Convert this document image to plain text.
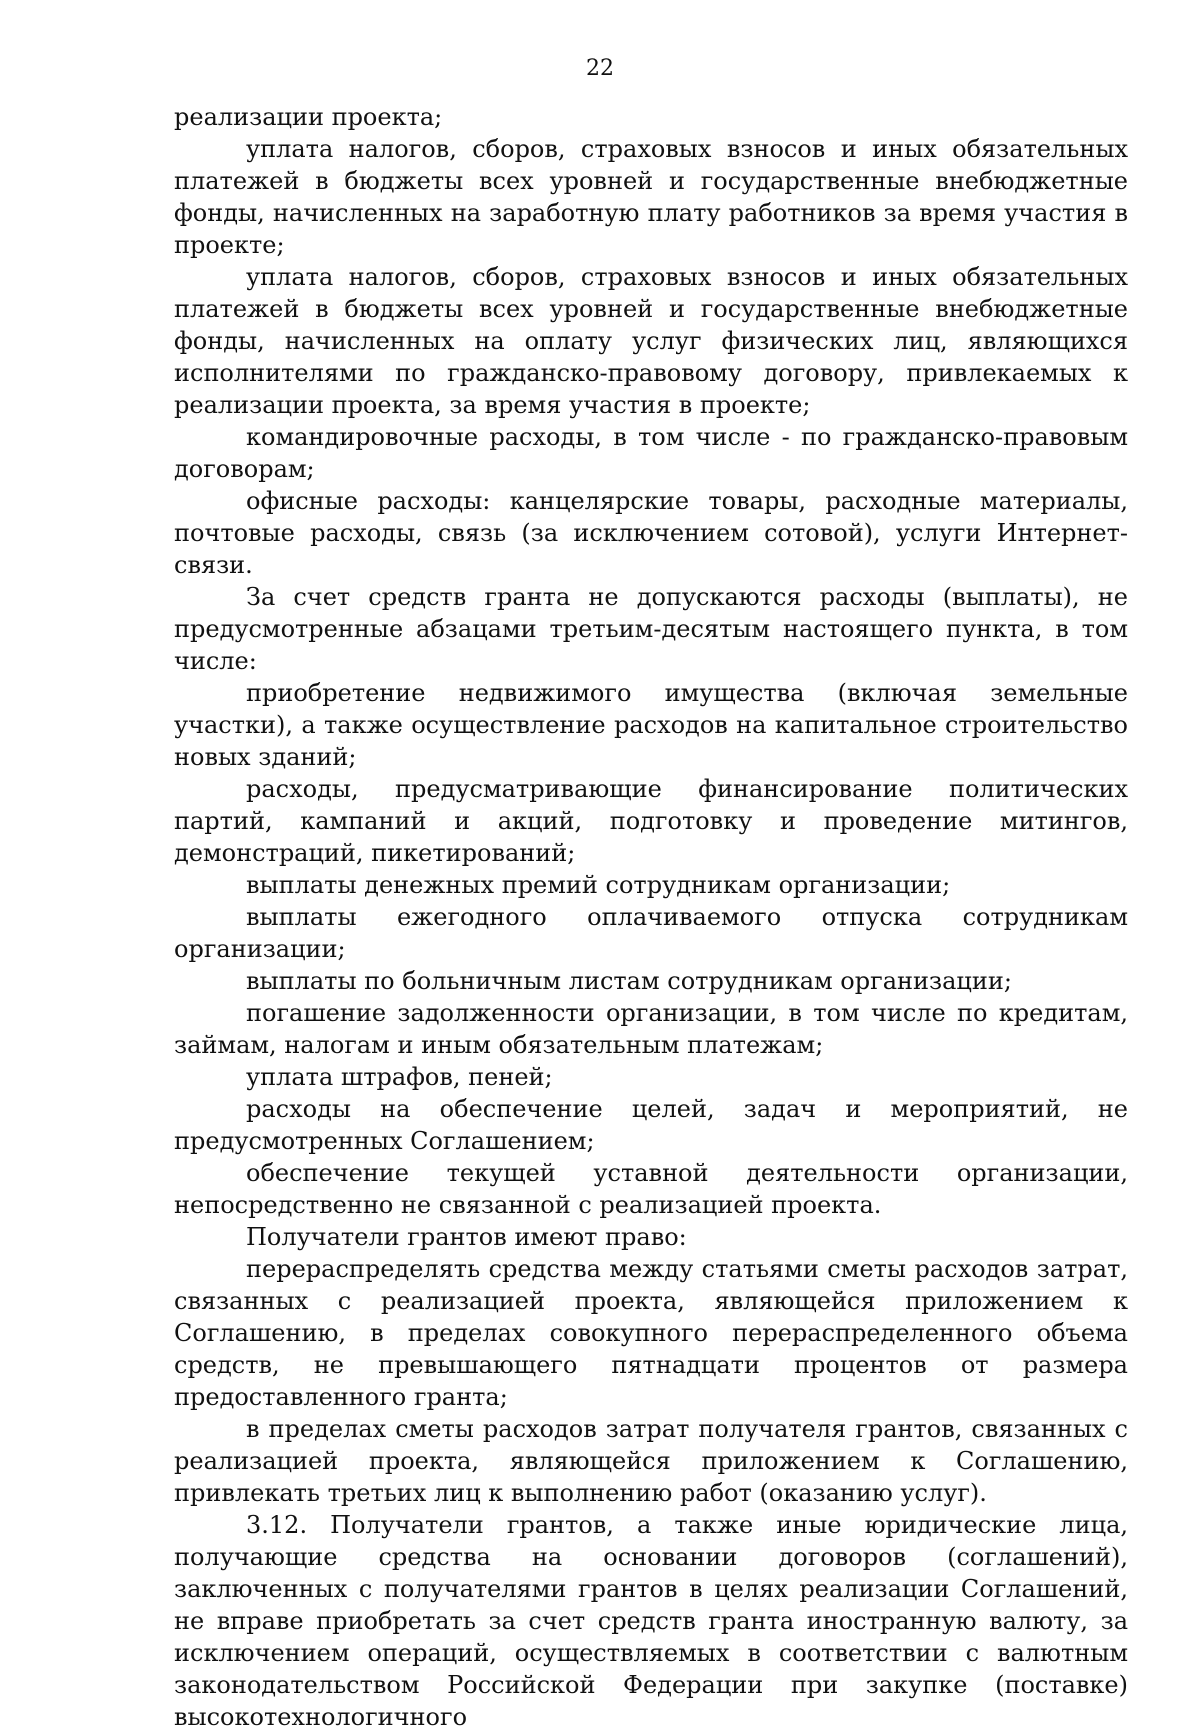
22

реализации проекта;

уплата налогов, сборов, страховых взносов и иных обязательных платежей в бюджеты всех уровней и государственные внебюджетные фонды, начисленных на заработную плату работников за время участия в проекте;

уплата налогов, сборов, страховых взносов и иных обязательных платежей в бюджеты всех уровней и государственные внебюджетные фонды, начисленных на оплату услуг физических лиц, являющихся исполнителями по гражданско-правовому договору, привлекаемых к реализации проекта, за время участия в проекте;

командировочные расходы, в том числе - по гражданско-правовым договорам;

офисные расходы: канцелярские товары, расходные материалы, почтовые расходы, связь (за исключением сотовой), услуги Интернет-связи.

За счет средств гранта не допускаются расходы (выплаты), не предусмотренные абзацами третьим-десятым настоящего пункта, в том числе:

приобретение недвижимого имущества (включая земельные участки), а также осуществление расходов на капитальное строительство новых зданий;

расходы, предусматривающие финансирование политических партий, кампаний и акций, подготовку и проведение митингов, демонстраций, пикетирований;

выплаты денежных премий сотрудникам организации;

выплаты ежегодного оплачиваемого отпуска сотрудникам организации;

выплаты по больничным листам сотрудникам организации;

погашение задолженности организации, в том числе по кредитам, займам, налогам и иным обязательным платежам;

уплата штрафов, пеней;

расходы на обеспечение целей, задач и мероприятий, не предусмотренных Соглашением;

обеспечение текущей уставной деятельности организации, непосредственно не связанной с реализацией проекта.

Получатели грантов имеют право:

перераспределять средства между статьями сметы расходов затрат, связанных с реализацией проекта, являющейся приложением к Соглашению, в пределах совокупного перераспределенного объема средств, не превышающего пятнадцати процентов от размера предоставленного гранта;

в пределах сметы расходов затрат получателя грантов, связанных с реализацией проекта, являющейся приложением к Соглашению, привлекать третьих лиц к выполнению работ (оказанию услуг).

3.12. Получатели грантов, а также иные юридические лица, получающие средства на основании договоров (соглашений), заключенных с получателями грантов в целях реализации Соглашений, не вправе приобретать за счет средств гранта иностранную валюту, за исключением операций, осуществляемых в соответствии с валютным законодательством Российской Федерации при закупке (поставке) высокотехнологичного
